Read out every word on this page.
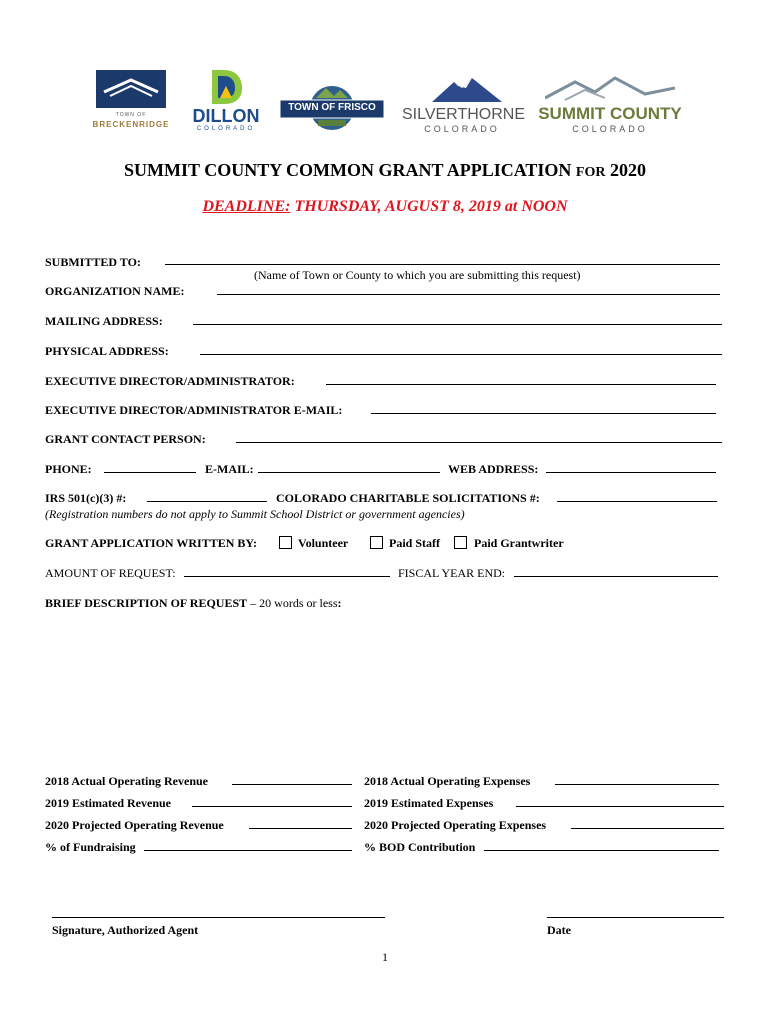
TOWN OF
BRECKENRIDGE DILLON
COLORADO
TOWN OF FRISCO	SILVERTHORNE
COLORADO
SUMMIT COUNTY
COLORADO
SUMMIT COUNTY COMMON GRANT APPLICATION FOR 2020
DEADLINE: THURSDAY, AUGUST 8, 2019 at NOON
SUBMITTED TO:
(Name of Town or County to which you are submitting this request)
ORGANIZATION NAME:
MAILING ADDRESS:
PHYSICAL ADDRESS:
EXECUTIVE DIRECTOR/ADMINISTRATOR:
EXECUTIVE DIRECTOR/ADMINISTRATOR E-MAIL:
GRANT CONTACT PERSON:
PHONE:	E-MAIL:	WEB ADDRESS:
IRS 501(c)(3) #:	COLORADO CHARITABLE SOLICITATIONS #:
(Registration numbers do not apply to Summit School District or government agencies)
GRANT APPLICATION WRITTEN BY:	Volunteer	Paid Staff	Paid Grantwriter
AMOUNT OF REQUEST:	FISCAL YEAR END:
BRIEF DESCRIPTION OF REQUEST – 20 words or less:
2018 Actual Operating Revenue	2018 Actual Operating Expenses
2019 Estimated Revenue	2019 Estimated Expenses
2020 Projected Operating Revenue	2020 Projected Operating Expenses
% of Fundraising	% BOD Contribution
Signature, Authorized Agent	Date
1
